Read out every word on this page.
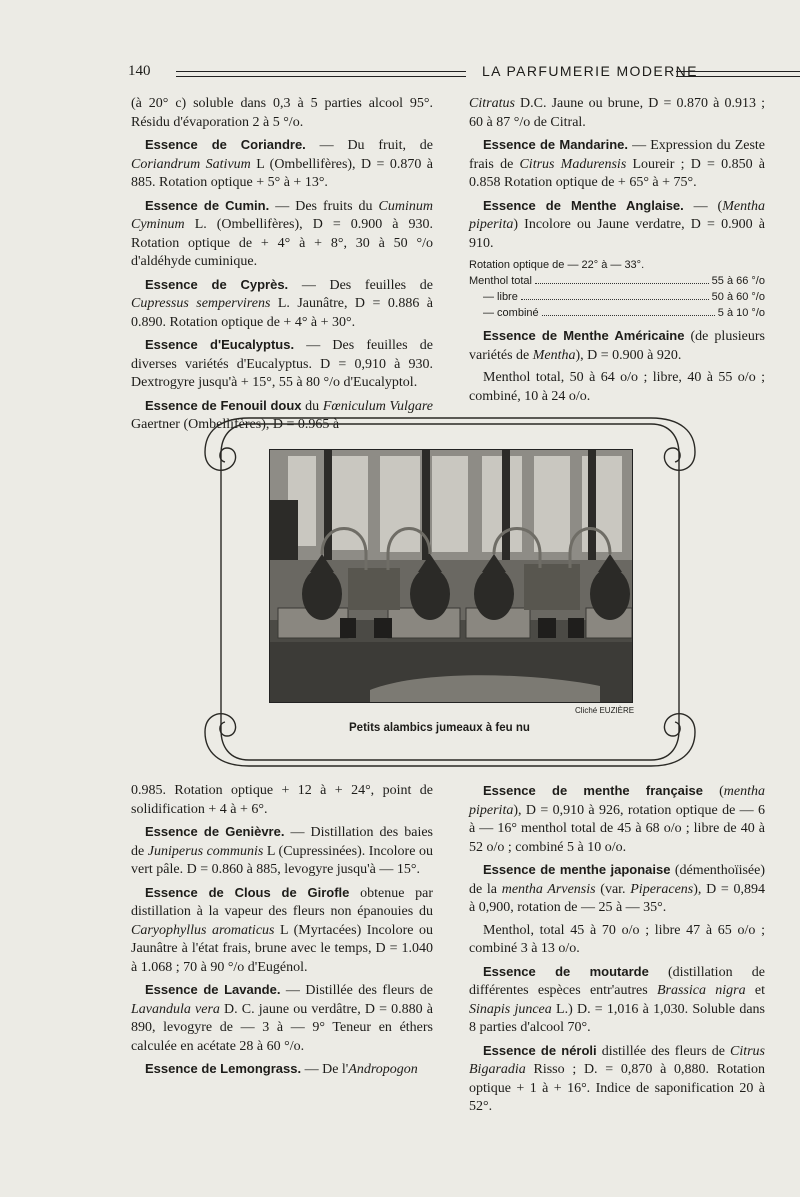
140	LA PARFUMERIE MODERNE

(à 20° c) soluble dans 0,3 à 5 parties alcool 95°. Résidu d'évaporation 2 à 5 °/o.

Essence de Coriandre. — Du fruit, de Coriandrum Sativum L (Ombellifères), D = 0.870 à 885. Rotation optique + 5° à + 13°.

Essence de Cumin. — Des fruits du Cuminum Cyminum L. (Ombellifères), D = 0.900 à 930. Rotation optique de + 4° à + 8°, 30 à 50 °/o d'aldéhyde cuminique.

Essence de Cyprès. — Des feuilles de Cupressus sempervirens L. Jaunâtre, D = 0.886 à 0.890. Rotation optique de + 4° à + 30°.

Essence d'Eucalyptus. — Des feuilles de diverses variétés d'Eucalyptus. D = 0,910 à 930. Dextrogyre jusqu'à + 15°, 55 à 80 °/o d'Eucalyptol.

Essence de Fenouil doux du Fœniculum Vulgare Gaertner (Ombellifères), D = 0.965 à

Citratus D.C. Jaune ou brune, D = 0.870 à 0.913 ; 60 à 87 °/o de Citral.

Essence de Mandarine. — Expression du Zeste frais de Citrus Madurensis Loureir ; D = 0.850 à 0.858 Rotation optique de + 65° à + 75°.

Essence de Menthe Anglaise. — (Mentha piperita) Incolore ou Jaune verdatre, D = 0.900 à 910.

Rotation optique de — 22° à — 33°.
Menthol total	55 à 66 °/o
— libre	50 à 60 °/o
— combiné	5 à 10 °/o

Essence de Menthe Américaine (de plusieurs variétés de Mentha), D = 0.900 à 920.

Menthol total, 50 à 64 o/o ; libre, 40 à 55 o/o ; combiné, 10 à 24 o/o.

Cliché EUZIÈRE
Petits alambics jumeaux à feu nu

0.985. Rotation optique + 12 à + 24°, point de solidification + 4 à + 6°.

Essence de Genièvre. — Distillation des baies de Juniperus communis L (Cupressinées). Incolore ou vert pâle. D = 0.860 à 885, levogyre jusqu'à — 15°.

Essence de Clous de Girofle obtenue par distillation à la vapeur des fleurs non épanouies du Caryophyllus aromaticus L (Myrtacées) Incolore ou Jaunâtre à l'état frais, brune avec le temps, D = 1.040 à 1.068 ; 70 à 90 °/o d'Eugénol.

Essence de Lavande. — Distillée des fleurs de Lavandula vera D. C. jaune ou verdâtre, D = 0.880 à 890, levogyre de — 3 à — 9° Teneur en éthers calculée en acétate 28 à 60 °/o.

Essence de Lemongrass. — De l'Andropogon

Essence de menthe française (mentha piperita), D = 0,910 à 926, rotation optique de — 6 à — 16° menthol total de 45 à 68 o/o ; libre de 40 à 52 o/o ; combiné 5 à 10 o/o.

Essence de menthe japonaise (démenthoïisée) de la mentha Arvensis (var. Piperacens), D = 0,894 à 0,900, rotation de — 25 à — 35°.

Menthol, total 45 à 70 o/o ; libre 47 à 65 o/o ; combiné 3 à 13 o/o.

Essence de moutarde (distillation de différentes espèces entr'autres Brassica nigra et Sinapis juncea L.) D. = 1,016 à 1,030. Soluble dans 8 parties d'alcool 70°.

Essence de néroli distillée des fleurs de Citrus Bigaradia Risso ; D. = 0,870 à 0,880. Rotation optique + 1 à + 16°. Indice de saponification 20 à 52°.
